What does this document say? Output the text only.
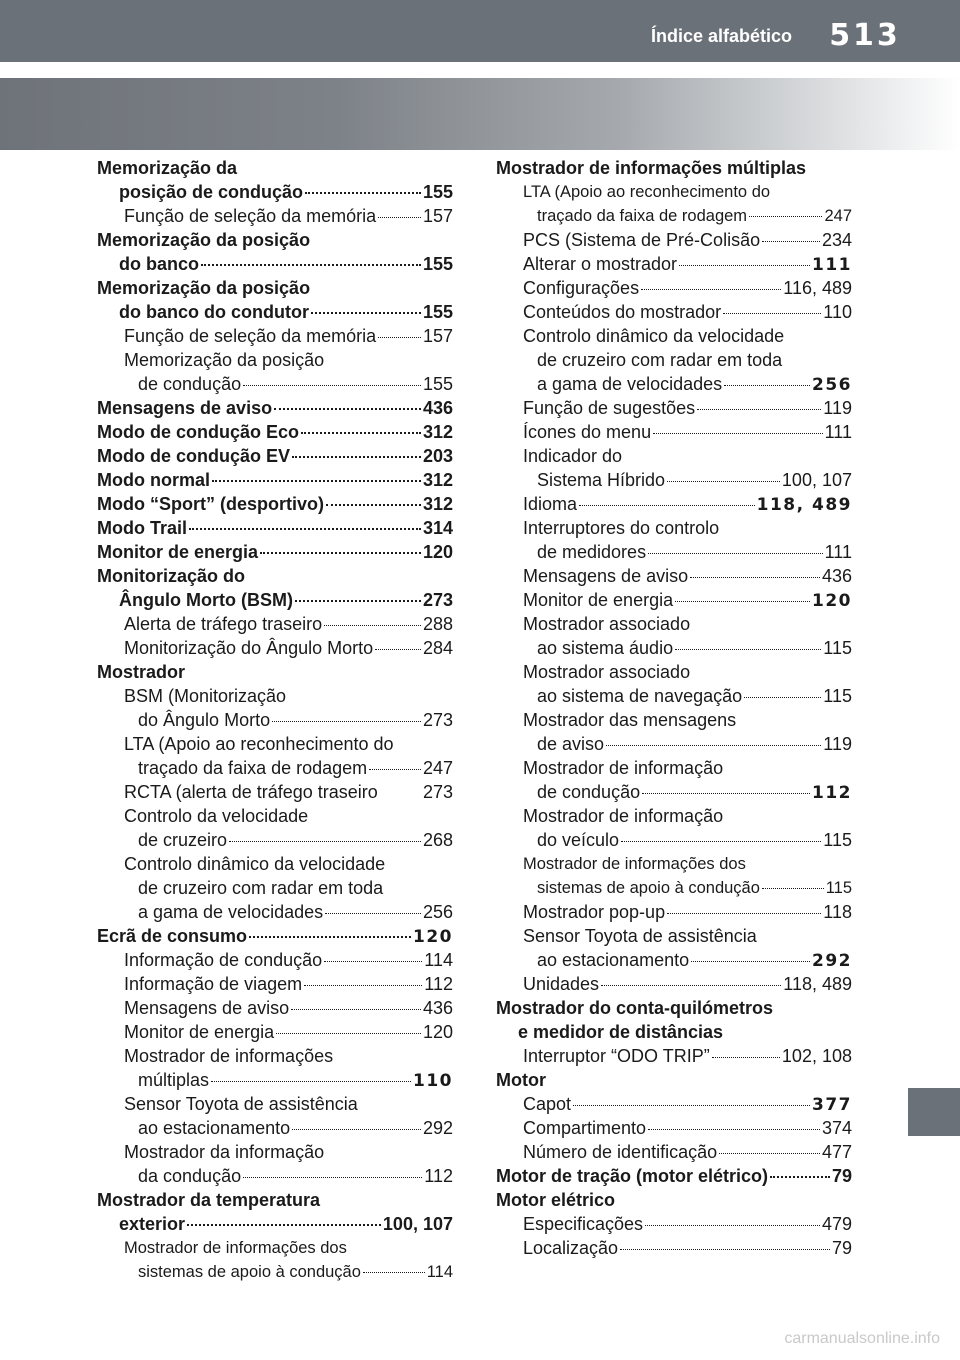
Índice alfabético	513
Memorização da
posição de condução	155
Função de seleção da memória	157
Memorização da posição
do banco	155
Memorização da posição
do banco do condutor	155
Função de seleção da memória	157
Memorização da posição
de condução	155
Mensagens de aviso	436
Modo de condução Eco	312
Modo de condução EV	203
Modo normal	312
Modo “Sport” (desportivo)	312
Modo Trail	314
Monitor de energia	120
Monitorização do
Ângulo Morto (BSM)	273
Alerta de tráfego traseiro	288
Monitorização do Ângulo Morto	284
Mostrador
BSM (Monitorização
do Ângulo Morto	273
LTA (Apoio ao reconhecimento do
traçado da faixa de rodagem	247
RCTA (alerta de tráfego traseiro	273
Controlo da velocidade
de cruzeiro	268
Controlo dinâmico da velocidade
de cruzeiro com radar em toda
a gama de velocidades	256
Ecrã de consumo	120
Informação de condução	114
Informação de viagem	112
Mensagens de aviso	436
Monitor de energia	120
Mostrador de informações
múltiplas	110
Sensor Toyota de assistência
ao estacionamento	292
Mostrador da informação
da condução	112
Mostrador da temperatura
exterior	100, 107
Mostrador de informações dos
sistemas de apoio à condução	114
Mostrador de informações múltiplas
LTA (Apoio ao reconhecimento do
traçado da faixa de rodagem	247
PCS (Sistema de Pré-Colisão	234
Alterar o mostrador	111
Configurações	116, 489
Conteúdos do mostrador	110
Controlo dinâmico da velocidade
de cruzeiro com radar em toda
a gama de velocidades	256
Função de sugestões	119
Ícones do menu	111
Indicador do
Sistema Híbrido	100, 107
Idioma	118, 489
Interruptores do controlo
de medidores	111
Mensagens de aviso	436
Monitor de energia	120
Mostrador associado
ao sistema áudio	115
Mostrador associado
ao sistema de navegação	115
Mostrador das mensagens
de aviso	119
Mostrador de informação
de condução	112
Mostrador de informação
do veículo	115
Mostrador de informações dos
sistemas de apoio à condução	115
Mostrador pop-up	118
Sensor Toyota de assistência
ao estacionamento	292
Unidades	118, 489
Mostrador do conta-quilómetros
e medidor de distâncias
Interruptor “ODO TRIP”	102, 108
Motor
Capot	377
Compartimento	374
Número de identificação	477
Motor de tração (motor elétrico)	79
Motor elétrico
Especificações	479
Localização	79
carmanualsonline.info
